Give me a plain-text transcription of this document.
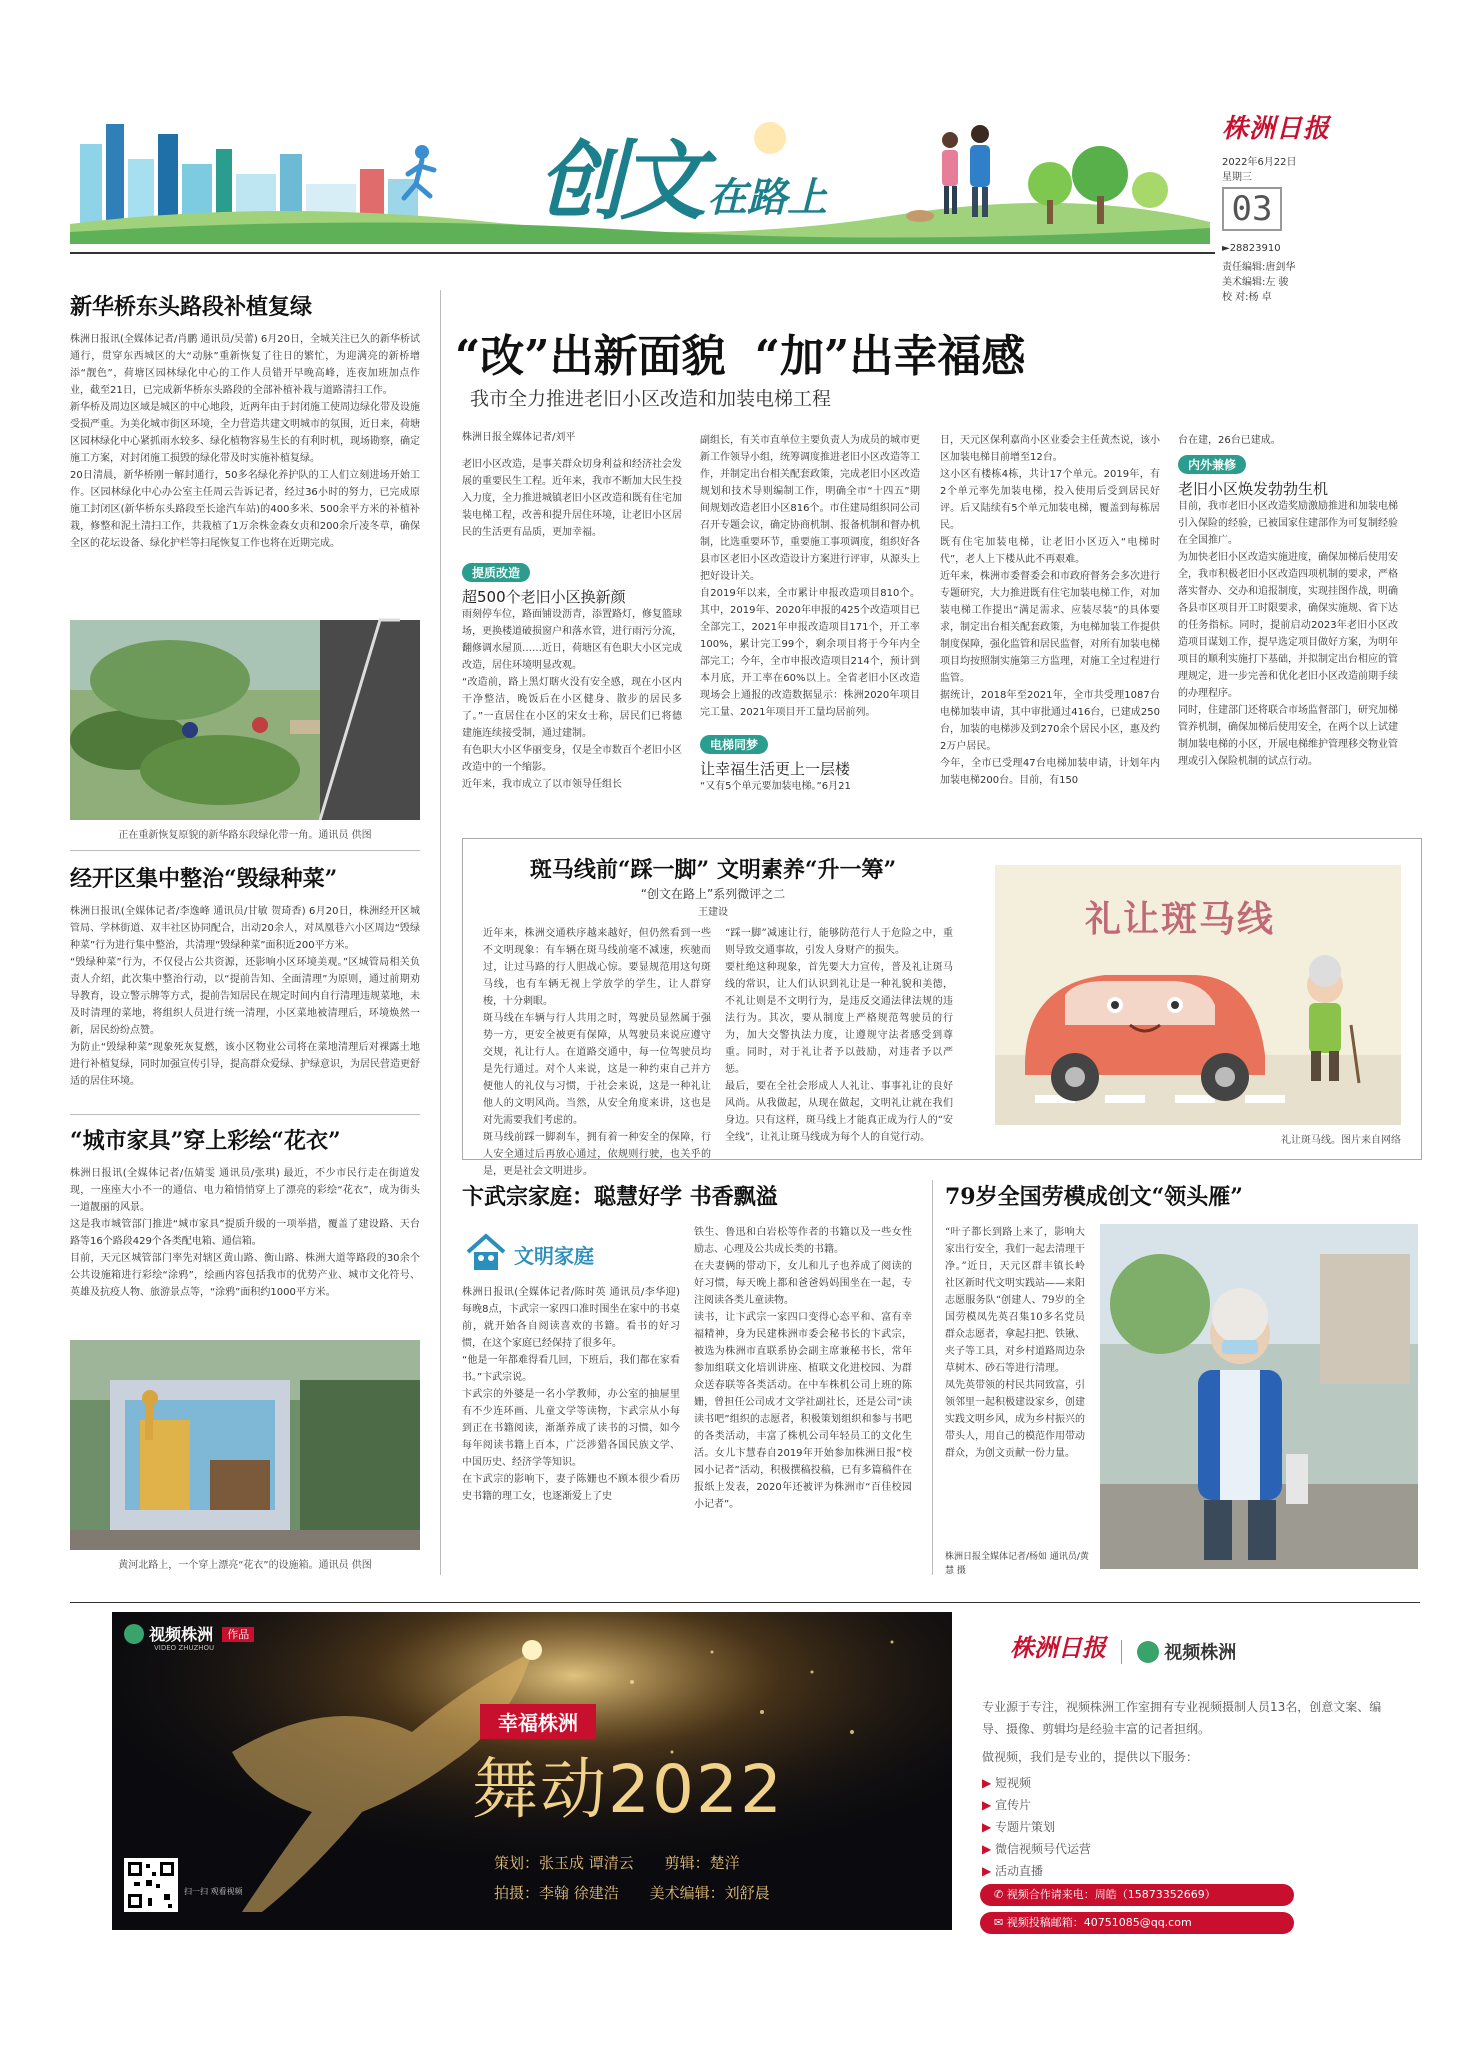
创文 在路上
株洲日报
2022年6月22日
星期三
03
►28823910
责任编辑:唐剑华
美术编辑:左 骏
校 对:杨 卓
新华桥东头路段补植复绿
株洲日报讯(全媒体记者/肖鹏 通讯员/吴蕾) 6月20日，全城关注已久的新华桥试通行，贯穿东西城区的大“动脉”重新恢复了往日的繁忙，为迎满亮的新桥增添“靓色”，荷塘区园林绿化中心的工作人员错开早晚高峰，连夜加班加点作业，截至21日，已完成新华桥东头路段的全部补植补栽与道路清扫工作。
新华桥及周边区域是城区的中心地段，近两年由于封闭施工使周边绿化带及设施受损严重。为美化城市街区环境，全力营造共建文明城市的氛围，近日来，荷塘区园林绿化中心紧抓雨水较多、绿化植物容易生长的有利时机，现场勘察，确定施工方案，对封闭施工损毁的绿化带及时实施补植复绿。
20日清晨，新华桥刚一解封通行，50多名绿化养护队的工人们立刻进场开始工作。区园林绿化中心办公室主任周云告诉记者，经过36小时的努力，已完成原施工封闭区(新华桥东头路段至长途汽车站)的400多米、500余平方米的补植补栽，修整和泥土清扫工作，共栽植了1万余株金森女贞和200余斤凌冬草，确保全区的花坛设备、绿化护栏等扫尾恢复工作也将在近期完成。
正在重新恢复原貌的新华路东段绿化带一角。通讯员 供图
经开区集中整治“毁绿种菜”
株洲日报讯(全媒体记者/李逸峰 通讯员/甘敏 贺琦香) 6月20日，株洲经开区城管局、学林街道、双丰社区协同配合，出动20余人，对凤凰巷六小区周边“毁绿种菜”行为进行集中整治，共清理“毁绿种菜”面积近200平方米。
“毁绿种菜”行为，不仅侵占公共资源，还影响小区环境美观。”区城管局相关负责人介绍，此次集中整治行动，以“提前告知、全面清理”为原则，通过前期劝导教育，设立警示牌等方式，提前告知居民在规定时间内自行清理违规菜地，未及时清理的菜地，将组织人员进行统一清理，小区菜地被清理后，环境焕然一新，居民纷纷点赞。
为防止“毁绿种菜”现象死灰复燃，该小区物业公司将在菜地清理后对裸露土地进行补植复绿，同时加强宣传引导，提高群众爱绿、护绿意识，为居民营造更舒适的居住环境。
“城市家具”穿上彩绘“花衣”
株洲日报讯(全媒体记者/伍婧雯 通讯员/张琪) 最近，不少市民行走在街道发现，一座座大小不一的通信、电力箱悄悄穿上了漂亮的彩绘“花衣”，成为街头一道靓丽的风景。
这是我市城管部门推进“城市家具”提质升级的一项举措，覆盖了建设路、天台路等16个路段429个各类配电箱、通信箱。
目前，天元区城管部门率先对辖区黄山路、衡山路、株洲大道等路段的30余个公共设施箱进行彩绘“涂鸦”，绘画内容包括我市的优势产业、城市文化符号、英雄及抗疫人物、旅游景点等，“涂鸦”面积约1000平方米。
黄河北路上，一个穿上漂亮“花衣”的设施箱。通讯员 供图
“改”出新面貌 “加”出幸福感
我市全力推进老旧小区改造和加装电梯工程
株洲日报全媒体记者/刘平
老旧小区改造，是事关群众切身利益和经济社会发展的重要民生工程。近年来，我市不断加大民生投入力度，全力推进城镇老旧小区改造和既有住宅加装电梯工程，改善和提升居住环境，让老旧小区居民的生活更有品质，更加幸福。
提质改造
超500个老旧小区换新颜
雨刻停车位，路面铺设沥青，添置路灯，修复篮球场，更换楼道破损窗户和落水管，进行雨污分流，翻修调水屋顶……近日，荷塘区有色职大小区完成改造，居住环境明显改观。
“改造前，路上黑灯瞎火没有安全感，现在小区内干净整洁，晚饭后在小区健身、散步的居民多了。”一直居住在小区的宋女士称，居民们已将德建施连续接受制，通过建制。
有色职大小区华丽变身，仅是全市数百个老旧小区改造中的一个缩影。
近年来，我市成立了以市领导任组长
副组长，有关市直单位主要负责人为成员的城市更新工作领导小组，统筹调度推进老旧小区改造等工作，并制定出台相关配套政策，完成老旧小区改造规划和技术导则编制工作，明确全市“十四五”期间规划改造老旧小区816个。市住建局组织同公司召开专题会议，确定协商机制、报备机制和督办机制，比选重要环节，重要施工事项调度，组织好各县市区老旧小区改造设计方案进行评审，从源头上把好设计关。
自2019年以来，全市累计申报改造项目810个。其中，2019年、2020年申报的425个改造项目已全部完工，2021年申报改造项目171个，开工率100%，累计完工99个，剩余项目将于今年内全部完工；今年，全市申报改造项目214个，预计到本月底，开工率在60%以上。全省老旧小区改造现场会上通报的改造数据显示：株洲2020年项目完工量、2021年项目开工量均居前列。
电梯同梦
让幸福生活更上一层楼
“又有5个单元要加装电梯。”6月21
日，天元区保利嘉尚小区业委会主任黄杰说，该小区加装电梯目前增至12台。
这小区有楼栋4栋，共计17个单元。2019年，有2个单元率先加装电梯，投入使用后受到居民好评。后又陆续有5个单元加装电梯，覆盖到每栋居民。
既有住宅加装电梯，让老旧小区迈入“电梯时代”，老人上下楼从此不再艰难。
近年来，株洲市委督委会和市政府督务会多次进行专题研究，大力推进既有住宅加装电梯工作，对加装电梯工作提出“满足需求、应装尽装”的具体要求，制定出台相关配套政策，为电梯加装工作提供制度保障，强化监管和居民监督，对所有加装电梯项目均按照制实施第三方监理，对施工全过程进行监管。
据统计，2018年至2021年，全市共受理1087台电梯加装申请，其中审批通过416台，已建成250台，加装的电梯涉及到270余个居民小区，惠及约2万户居民。
今年，全市已受理47台电梯加装申请，计划年内加装电梯200台。目前，有150
台在建，26台已建成。
内外兼修
老旧小区焕发勃勃生机
目前，我市老旧小区改造奖励激励推进和加装电梯引入保险的经验，已被国家住建部作为可复制经验在全国推广。
为加快老旧小区改造实施进度，确保加梯后使用安全，我市积极老旧小区改造四项机制的要求，严格落实督办、交办和追报制度，实现挂图作战，明确各县市区项目开工时限要求，确保实施规、省下达的任务指标。同时，提前启动2023年老旧小区改造项目谋划工作，提早选定项目做好方案，为明年项目的顺利实施打下基础，并拟制定出台相应的管理规定，进一步完善和优化老旧小区改造前期手续的办理程序。
同时，住建部门还将联合市场监督部门，研究加梯管养机制，确保加梯后使用安全，在两个以上试建制加装电梯的小区，开展电梯维护管理移交物业管理或引入保险机制的试点行动。
斑马线前“踩一脚” 文明素养“升一筹”
“创文在路上”系列微评之二
王建设
近年来，株洲交通秩序越来越好，但仍然看到一些不文明现象：有车辆在斑马线前毫不减速，疾驰而过，让过马路的行人胆战心惊。要显规范用这句斑马线，也有车辆无视上学放学的学生，让人群穿梭，十分刺眼。
斑马线在车辆与行人共用之时，驾驶员显然属于强势一方，更安全被更有保障，从驾驶员来说应遵守交规，礼让行人。在道路交通中，每一位驾驶员均是先行通过。对个人来说，这是一种约束自己并方便他人的礼仪与习惯，于社会来说，这是一种礼让他人的文明风尚。当然，从安全角度来讲，这也是对先需要我们考虑的。
斑马线前踩一脚刹车，拥有着一种安全的保障，行人安全通过后再放心通过，依规则行驶，也关乎的是，更是社会文明进步。
“踩一脚”减速让行，能够防范行人于危险之中，重则导致交通事故，引发人身财产的损失。
要杜绝这种现象，首先要大力宣传，普及礼让斑马线的常识，让人们认识到礼让是一种礼貌和美德，不礼让则是不文明行为，是违反交通法律法规的违法行为。其次，要从制度上严格规范驾驶员的行为，加大交警执法力度，让遵规守法者感受到尊重。同时，对于礼让者予以鼓励，对违者予以严惩。
最后，要在全社会形成人人礼让、事事礼让的良好风尚。从我做起，从现在做起，文明礼让就在我们身边。只有这样，斑马线上才能真正成为行人的“安全线”，让礼让斑马线成为每个人的自觉行动。
礼让斑马线
礼让斑马线。图片来自网络
卞武宗家庭：聪慧好学 书香飘溢
文明家庭
株洲日报讯(全媒体记者/陈时英 通讯员/李华迎) 每晚8点，卞武宗一家四口准时围坐在家中的书桌前，就开始各自阅读喜欢的书籍。看书的好习惯，在这个家庭已经保持了很多年。
“他是一年都难得看几回，下班后，我们都在家看书。”卞武宗说。
卞武宗的外婆是一名小学教师，办公室的抽屉里有不少连环画、儿童文学等读物，卞武宗从小每到正在书籍阅读，渐渐养成了读书的习惯，如今每年阅读书籍上百本，广泛涉猎各国民族文学、中国历史、经济学等知识。
在卞武宗的影响下，妻子陈姗也不顾本很少看历史书籍的理工女，也逐渐爱上了史
铁生、鲁迅和白岩松等作者的书籍以及一些女性励志、心理及公共成长类的书籍。
在夫妻俩的带动下，女儿和儿子也养成了阅读的好习惯，每天晚上都和爸爸妈妈围坐在一起，专注阅读各类儿童读物。
读书，让卞武宗一家四口变得心态平和、富有幸福精神，身为民建株洲市委会秘书长的卞武宗，被选为株洲市直联系协会副主席兼秘书长，常年参加组联文化培训讲座、植联文化进校园、为群众送春联等各类活动。在中车株机公司上班的陈姗，曾担任公司成才文学社副社长，还是公司“读读书吧”组织的志愿者，积极策划组织和参与书吧的各类活动，丰富了株机公司年轻员工的文化生活。女儿卞慧春自2019年开始参加株洲日报“校园小记者”活动，积极撰稿投稿，已有多篇稿件在报纸上发表，2020年还被评为株洲市“百佳校园小记者”。
79岁全国劳模成创文“领头雁”
“叶子都长到路上来了，影响大家出行安全，我们一起去清理干净。”近日，天元区群丰镇长岭社区新时代文明实践站——来阳志愿服务队“创建人、79岁的全国劳模凤先英召集10多名党员群众志愿者，拿起扫把、铁锹、夹子等工具，对乡村道路周边杂草树木、砂石等进行清理。
凤先英带领的村民共同致富，引领邻里一起积极建设家乡，创建实践文明乡风，成为乡村振兴的带头人，用自己的模范作用带动群众，为创文贡献一份力量。
株洲日报全媒体记者/杨如 通讯员/黄慧 摄
视频株洲 作品
VIDEO ZHUZHOU
幸福株洲
舞动2022
策划：张玉成 谭清云 剪辑：楚洋
拍摄：李翰 徐建浩 美术编辑：刘舒晨
扫一扫 观看视频
株洲日报	视频株洲
专业源于专注，视频株洲工作室拥有专业视频摄制人员13名，创意文案、编导、摄像、剪辑均是经验丰富的记者担纲。
做视频，我们是专业的，提供以下服务：
▶ 短视频
▶ 宣传片
▶ 专题片策划
▶ 微信视频号代运营
▶ 活动直播
✆ 视频合作请来电：周皓（15873352669）
✉ 视频投稿邮箱：40751085@qq.com
